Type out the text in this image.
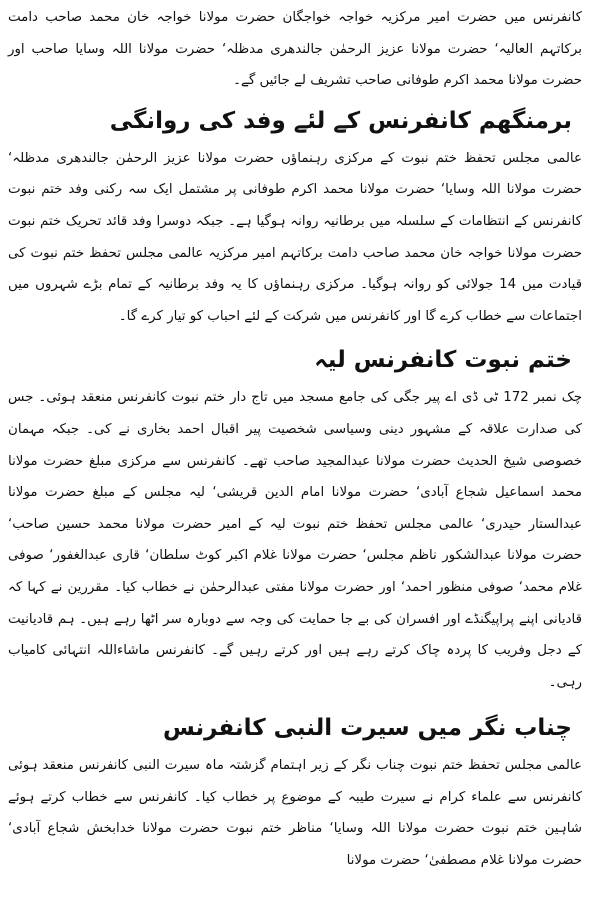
کانفرنس میں حضرت امیر مرکزیہ خواجہ خواجگان حضرت مولانا خواجہ خان محمد صاحب دامت برکاتہم العالیہ‘ حضرت مولانا عزیز الرحمٰن جالندھری مدظلہ‘ حضرت مولانا اللہ وسایا صاحب اور حضرت مولانا محمد اکرم طوفانی صاحب تشریف لے جائیں گے۔

برمنگھم کانفرنس کے لئے وفد کی روانگی

عالمی مجلس تحفظ ختم نبوت کے مرکزی رہنماؤں حضرت مولانا عزیز الرحمٰن جالندھری مدظلہ‘ حضرت مولانا اللہ وسایا‘ حضرت مولانا محمد اکرم طوفانی پر مشتمل ایک سہ رکنی وفد ختم نبوت کانفرنس کے انتظامات کے سلسلہ میں برطانیہ روانہ ہوگیا ہے۔ جبکہ دوسرا وفد قائد تحریک ختم نبوت حضرت مولانا خواجہ خان محمد صاحب دامت برکاتہم امیر مرکزیہ عالمی مجلس تحفظ ختم نبوت کی قیادت میں 14 جولائی کو روانہ ہوگیا۔ مرکزی رہنماؤں کا یہ وفد برطانیہ کے تمام بڑے شہروں میں اجتماعات سے خطاب کرے گا اور کانفرنس میں شرکت کے لئے احباب کو تیار کرے گا۔

ختم نبوت کانفرنس لیہ

چک نمبر 172 ٹی ڈی اے پیر جگی کی جامع مسجد میں تاج دار ختم نبوت کانفرنس منعقد ہوئی۔ جس کی صدارت علاقہ کے مشہور دینی وسیاسی شخصیت پیر اقبال احمد بخاری نے کی۔ جبکہ مہمان خصوصی شیخ الحدیث حضرت مولانا عبدالمجید صاحب تھے۔ کانفرنس سے مرکزی مبلغ حضرت مولانا محمد اسماعیل شجاع آبادی‘ حضرت مولانا امام الدین قریشی‘ لیہ مجلس کے مبلغ حضرت مولانا عبدالستار حیدری‘ عالمی مجلس تحفظ ختم نبوت لیہ کے امیر حضرت مولانا محمد حسین صاحب‘ حضرت مولانا عبدالشکور ناظم مجلس‘ حضرت مولانا غلام اکبر کوٹ سلطان‘ قاری عبدالغفور‘ صوفی غلام محمد‘ صوفی منظور احمد‘ اور حضرت مولانا مفتی عبدالرحمٰن نے خطاب کیا۔ مقررین نے کہا کہ قادیانی اپنے پراپیگنڈے اور افسران کی بے جا حمایت کی وجہ سے دوبارہ سر اٹھا رہے ہیں۔ ہم قادیانیت کے دجل وفریب کا پردہ چاک کرتے رہے ہیں اور کرتے رہیں گے۔ کانفرنس ماشاءاللہ انتہائی کامیاب رہی۔

چناب نگر میں سیرت النبی کانفرنس

عالمی مجلس تحفظ ختم نبوت چناب نگر کے زیر اہتمام گزشتہ ماہ سیرت النبی کانفرنس منعقد ہوئی کانفرنس سے علماء کرام نے سیرت طیبہ کے موضوع پر خطاب کیا۔ کانفرنس سے خطاب کرتے ہوئے شاہین ختم نبوت حضرت مولانا اللہ وسایا‘ مناظر ختم نبوت حضرت مولانا خدابخش شجاع آبادی‘ حضرت مولانا غلام مصطفیٰ‘ حضرت مولانا
